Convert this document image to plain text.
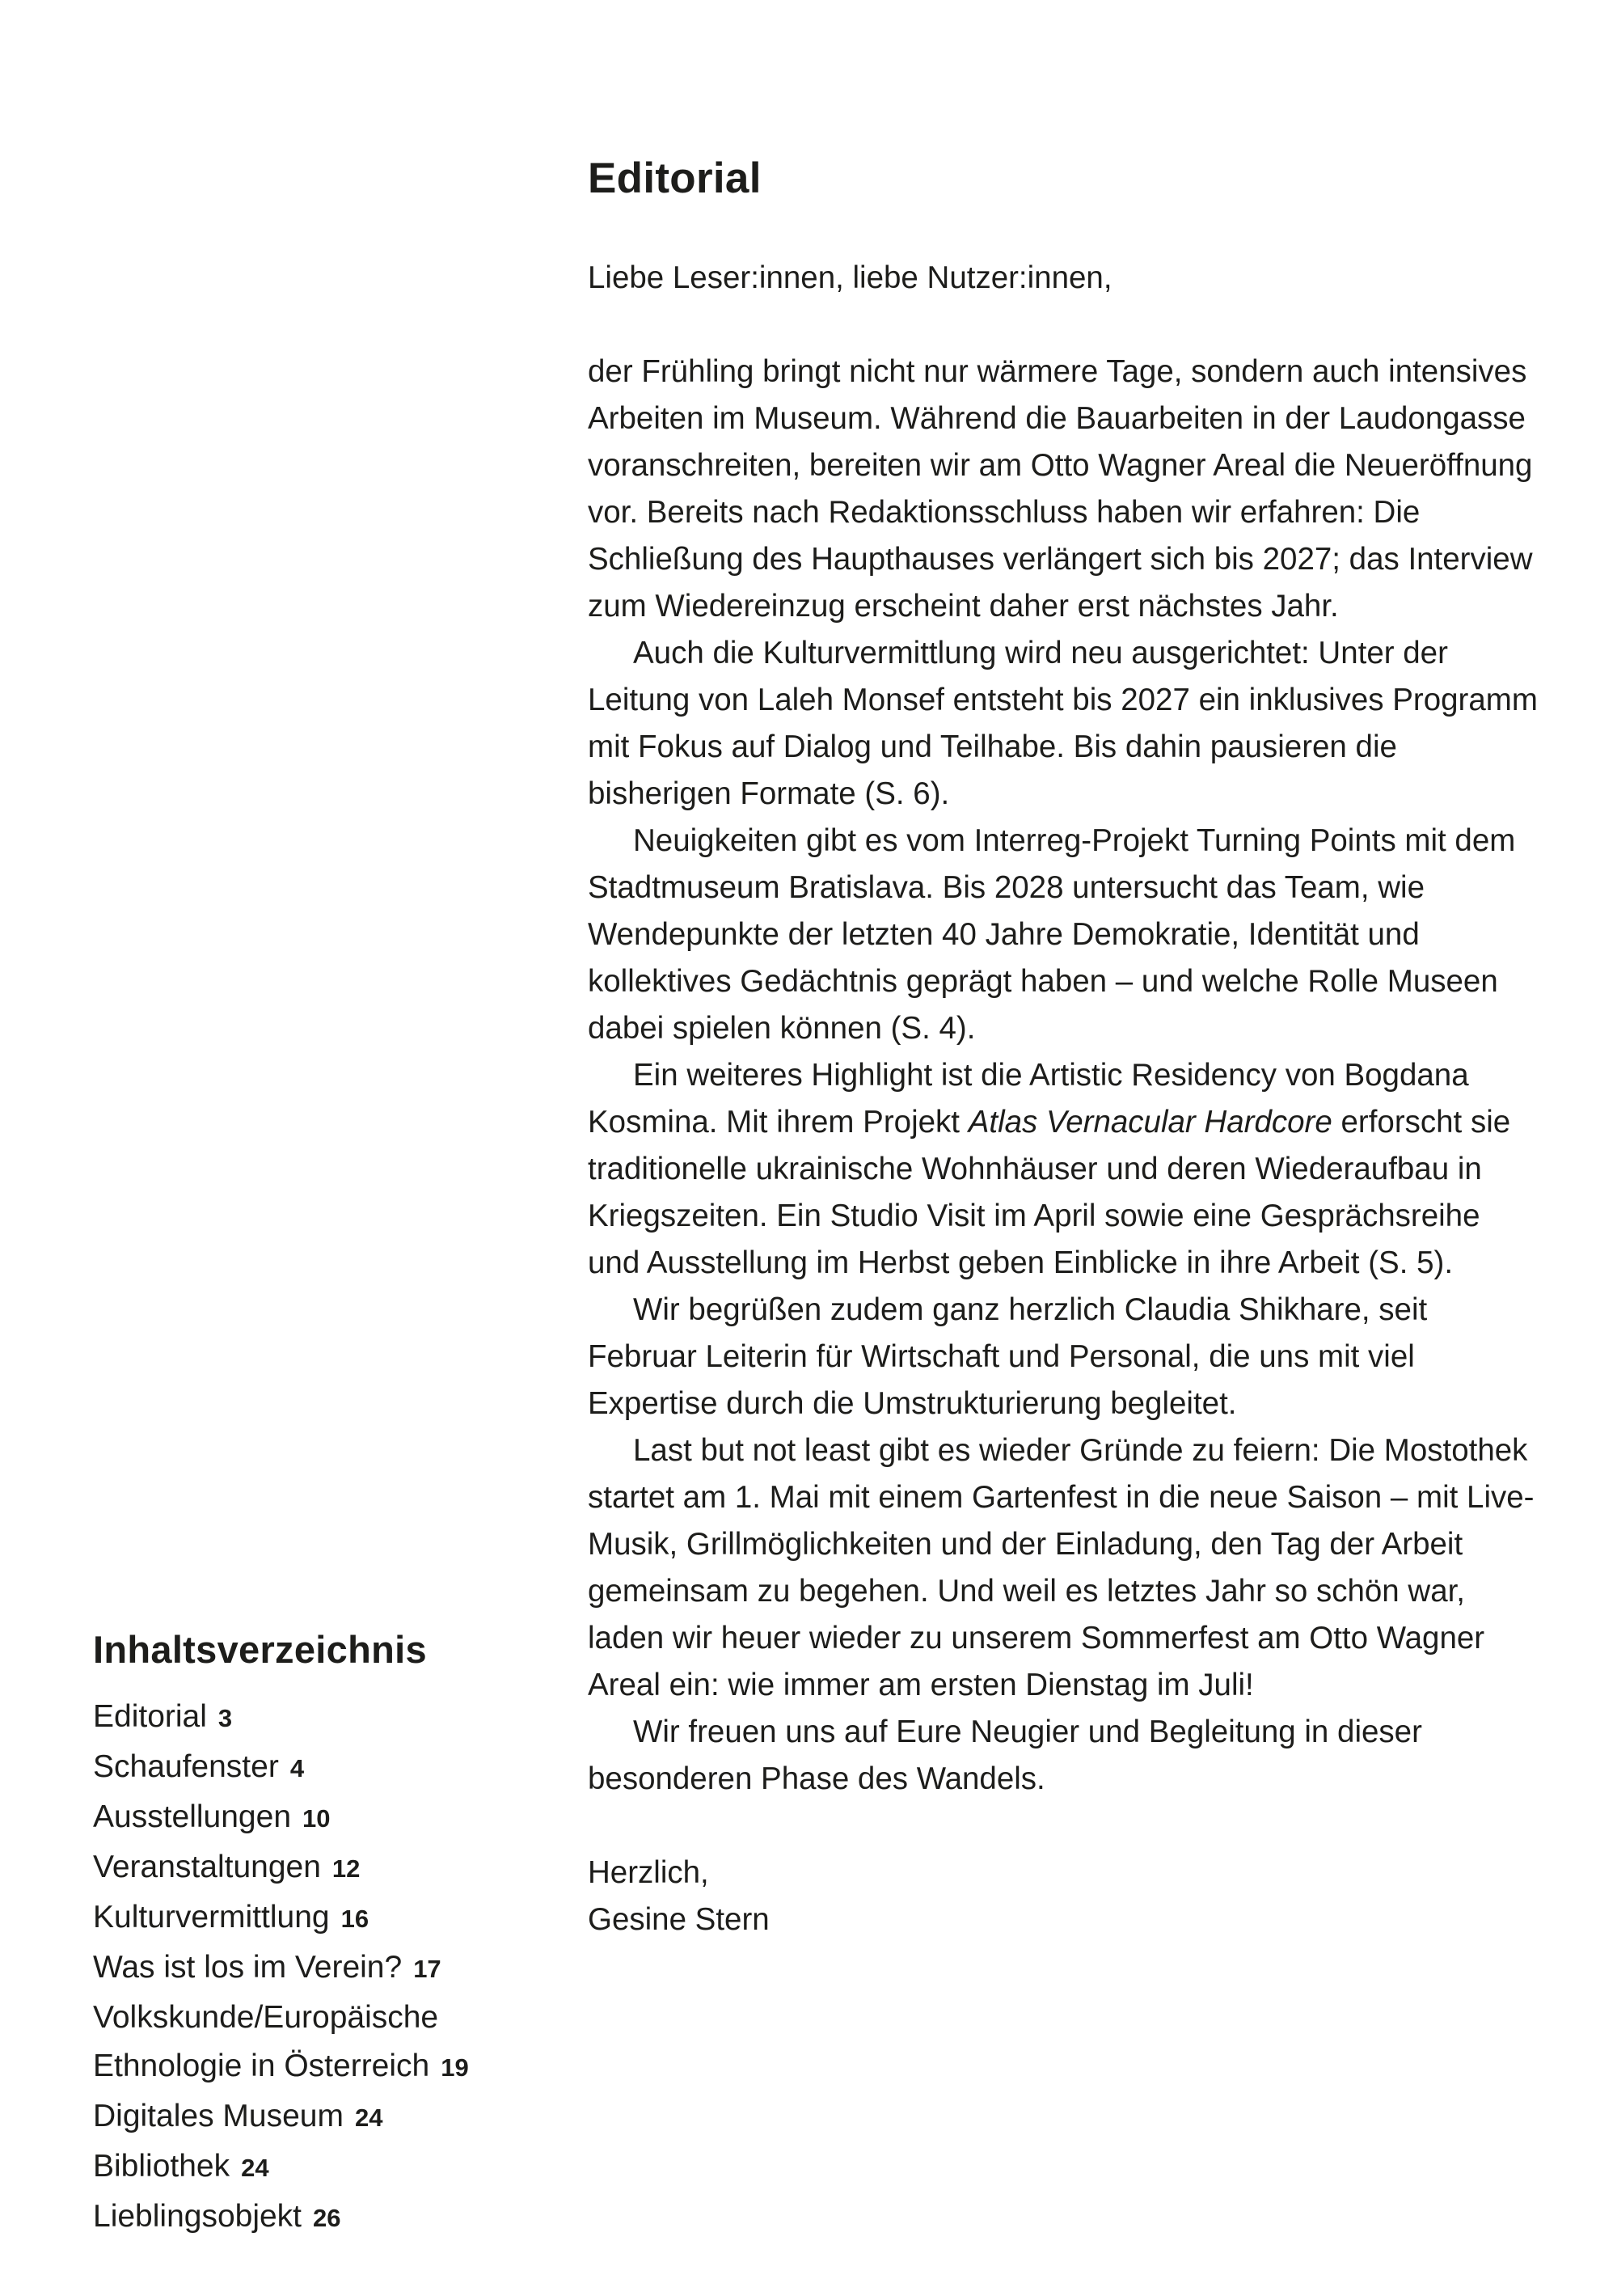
Inhaltsverzeichnis
Editorial 3
Schaufenster 4
Ausstellungen 10
Veranstaltungen 12
Kulturvermittlung 16
Was ist los im Verein? 17
Volkskunde/Europäische Ethnologie in Österreich 19
Digitales Museum 24
Bibliothek 24
Lieblingsobjekt 26
Editorial

Liebe Leser:innen, liebe Nutzer:innen,

der Frühling bringt nicht nur wärmere Tage, sondern auch intensives Arbeiten im Museum. Während die Bauarbeiten in der Laudongasse voranschreiten, bereiten wir am Otto Wagner Areal die Neueröffnung vor. Bereits nach Redaktionsschluss haben wir erfahren: Die Schließung des Haupthauses verlängert sich bis 2027; das Interview zum Wiedereinzug erscheint daher erst nächstes Jahr.

Auch die Kulturvermittlung wird neu ausgerichtet: Unter der Leitung von Laleh Monsef entsteht bis 2027 ein inklusives Programm mit Fokus auf Dialog und Teilhabe. Bis dahin pausieren die bisherigen Formate (S. 6).

Neuigkeiten gibt es vom Interreg-Projekt Turning Points mit dem Stadtmuseum Bratislava. Bis 2028 untersucht das Team, wie Wendepunkte der letzten 40 Jahre Demokratie, Identität und kollektives Gedächtnis geprägt haben – und welche Rolle Museen dabei spielen können (S. 4).

Ein weiteres Highlight ist die Artistic Residency von Bogdana Kosmina. Mit ihrem Projekt Atlas Vernacular Hardcore erforscht sie traditionelle ukrainische Wohnhäuser und deren Wiederaufbau in Kriegszeiten. Ein Studio Visit im April sowie eine Gesprächsreihe und Ausstellung im Herbst geben Einblicke in ihre Arbeit (S. 5).

Wir begrüßen zudem ganz herzlich Claudia Shikhare, seit Februar Leiterin für Wirtschaft und Personal, die uns mit viel Expertise durch die Umstrukturierung begleitet.

Last but not least gibt es wieder Gründe zu feiern: Die Mostothek startet am 1. Mai mit einem Gartenfest in die neue Saison – mit Live-Musik, Grillmöglichkeiten und der Einladung, den Tag der Arbeit gemeinsam zu begehen. Und weil es letztes Jahr so schön war, laden wir heuer wieder zu unserem Sommerfest am Otto Wagner Areal ein: wie immer am ersten Dienstag im Juli!

Wir freuen uns auf Eure Neugier und Begleitung in dieser besonderen Phase des Wandels.

Herzlich,
Gesine Stern
